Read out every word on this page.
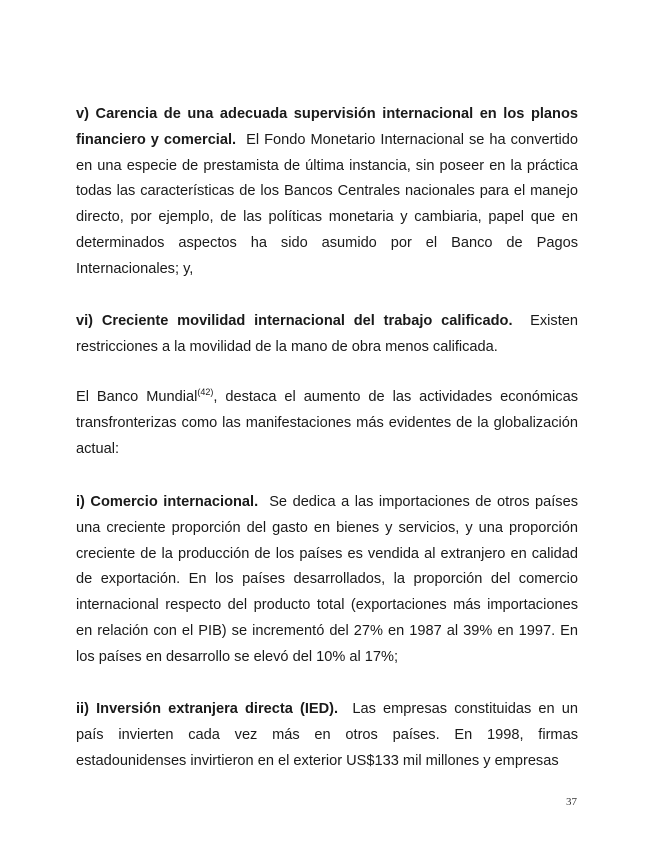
v) Carencia de una adecuada supervisión internacional en los planos financiero y comercial. El Fondo Monetario Internacional se ha convertido en una especie de prestamista de última instancia, sin poseer en la práctica todas las características de los Bancos Centrales nacionales para el manejo directo, por ejemplo, de las políticas monetaria y cambiaria, papel que en determinados aspectos ha sido asumido por el Banco de Pagos Internacionales; y,

vi) Creciente movilidad internacional del trabajo calificado. Existen restricciones a la movilidad de la mano de obra menos calificada.

El Banco Mundial$^{(42)}$, destaca el aumento de las actividades económicas transfronterizas como las manifestaciones más evidentes de la globalización actual:

i) Comercio internacional. Se dedica a las importaciones de otros países una creciente proporción del gasto en bienes y servicios, y una proporción creciente de la producción de los países es vendida al extranjero en calidad de exportación. En los países desarrollados, la proporción del comercio internacional respecto del producto total (exportaciones más importaciones en relación con el PIB) se incrementó del 27% en 1987 al 39% en 1997. En los países en desarrollo se elevó del 10% al 17%;

ii) Inversión extranjera directa (IED). Las empresas constituidas en un país invierten cada vez más en otros países. En 1998, firmas estadounidenses invirtieron en el exterior US$133 mil millones y empresas

37
